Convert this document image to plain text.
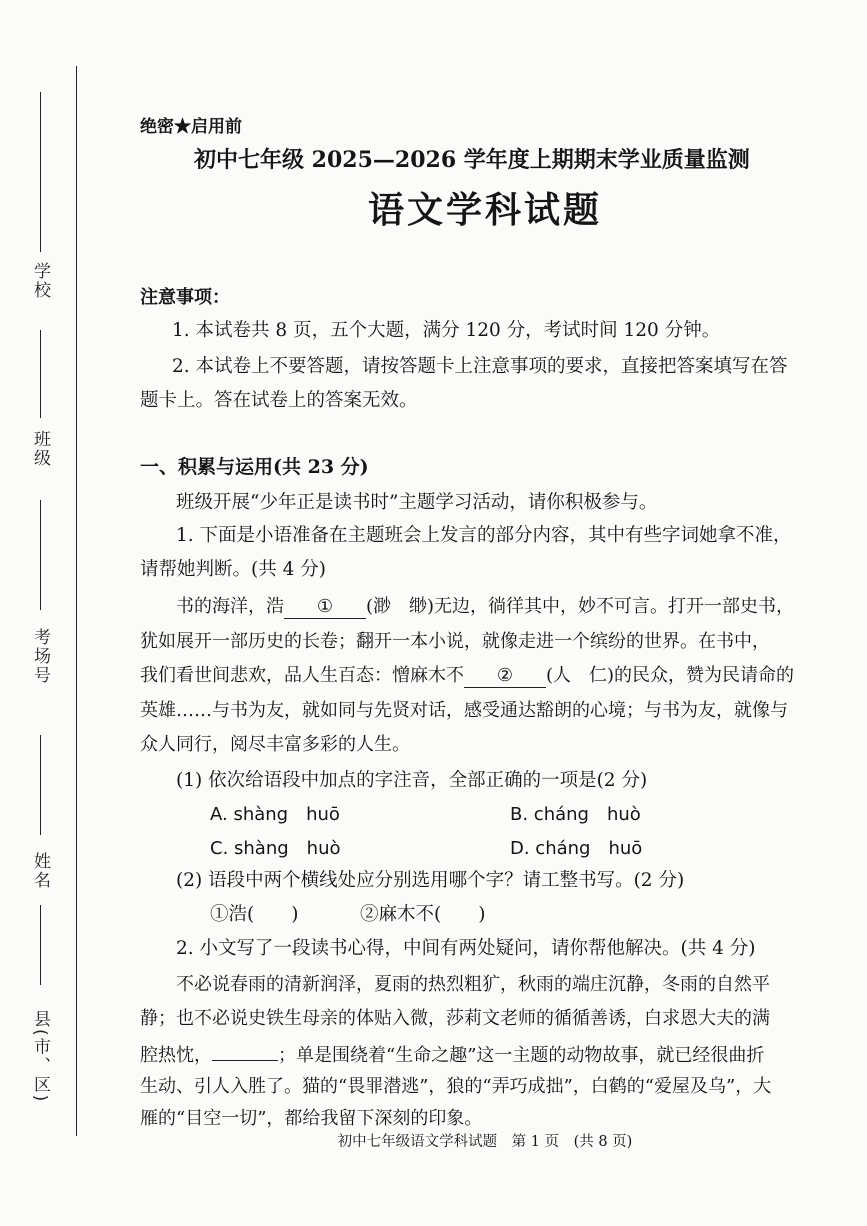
学校
班级
考场号
姓名
县(市、区)
绝密★启用前
初中七年级 2025—2026 学年度上期期末学业质量监测
语文学科试题
注意事项：
1. 本试卷共 8 页，五个大题，满分 120 分，考试时间 120 分钟。
2. 本试卷上不要答题，请按答题卡上注意事项的要求，直接把答案填写在答
题卡上。答在试卷上的答案无效。
一、积累与运用(共 23 分)
班级开展“少年正是读书时”主题学习活动，请你积极参与。
1. 下面是小语准备在主题班会上发言的部分内容，其中有些字词她拿不准，
请帮她判断。(共 4 分)
书的海洋，浩 ① (渺　缈)无边，徜徉其中，妙不可言。打开一部史书，
犹如展开一部历史的长卷；翻开一本小说，就像走进一个缤纷的世界。在书中，
我们看世间悲欢，品人生百态：憎麻木不 ② (人　仁)的民众，赞为民请命的
英雄……与书为友，就如同与先贤对话，感受通达豁朗的心境；与书为友，就像与
众人同行，阅尽丰富多彩的人生。
(1) 依次给语段中加点的字注音，全部正确的一项是(2 分)
A. shàng　huō	B. cháng　huò
C. shàng　huò	D. cháng　huō
(2) 语段中两个横线处应分别选用哪个字？请工整书写。(2 分)
①浩(　　)	②麻木不(　　)
2. 小文写了一段读书心得，中间有两处疑问，请你帮他解决。(共 4 分)
不必说春雨的清新润泽，夏雨的热烈粗犷，秋雨的端庄沉静，冬雨的自然平
静；也不必说史铁生母亲的体贴入微，莎莉文老师的循循善诱，白求恩大夫的满
腔热忱，	；单是围绕着“生命之趣”这一主题的动物故事，就已经很曲折
生动、引人入胜了。猫的“畏罪潜逃”，狼的“弄巧成拙”，白鹤的“爱屋及乌”，大
雁的“目空一切”，都给我留下深刻的印象。
初中七年级语文学科试题　第 1 页　(共 8 页)
